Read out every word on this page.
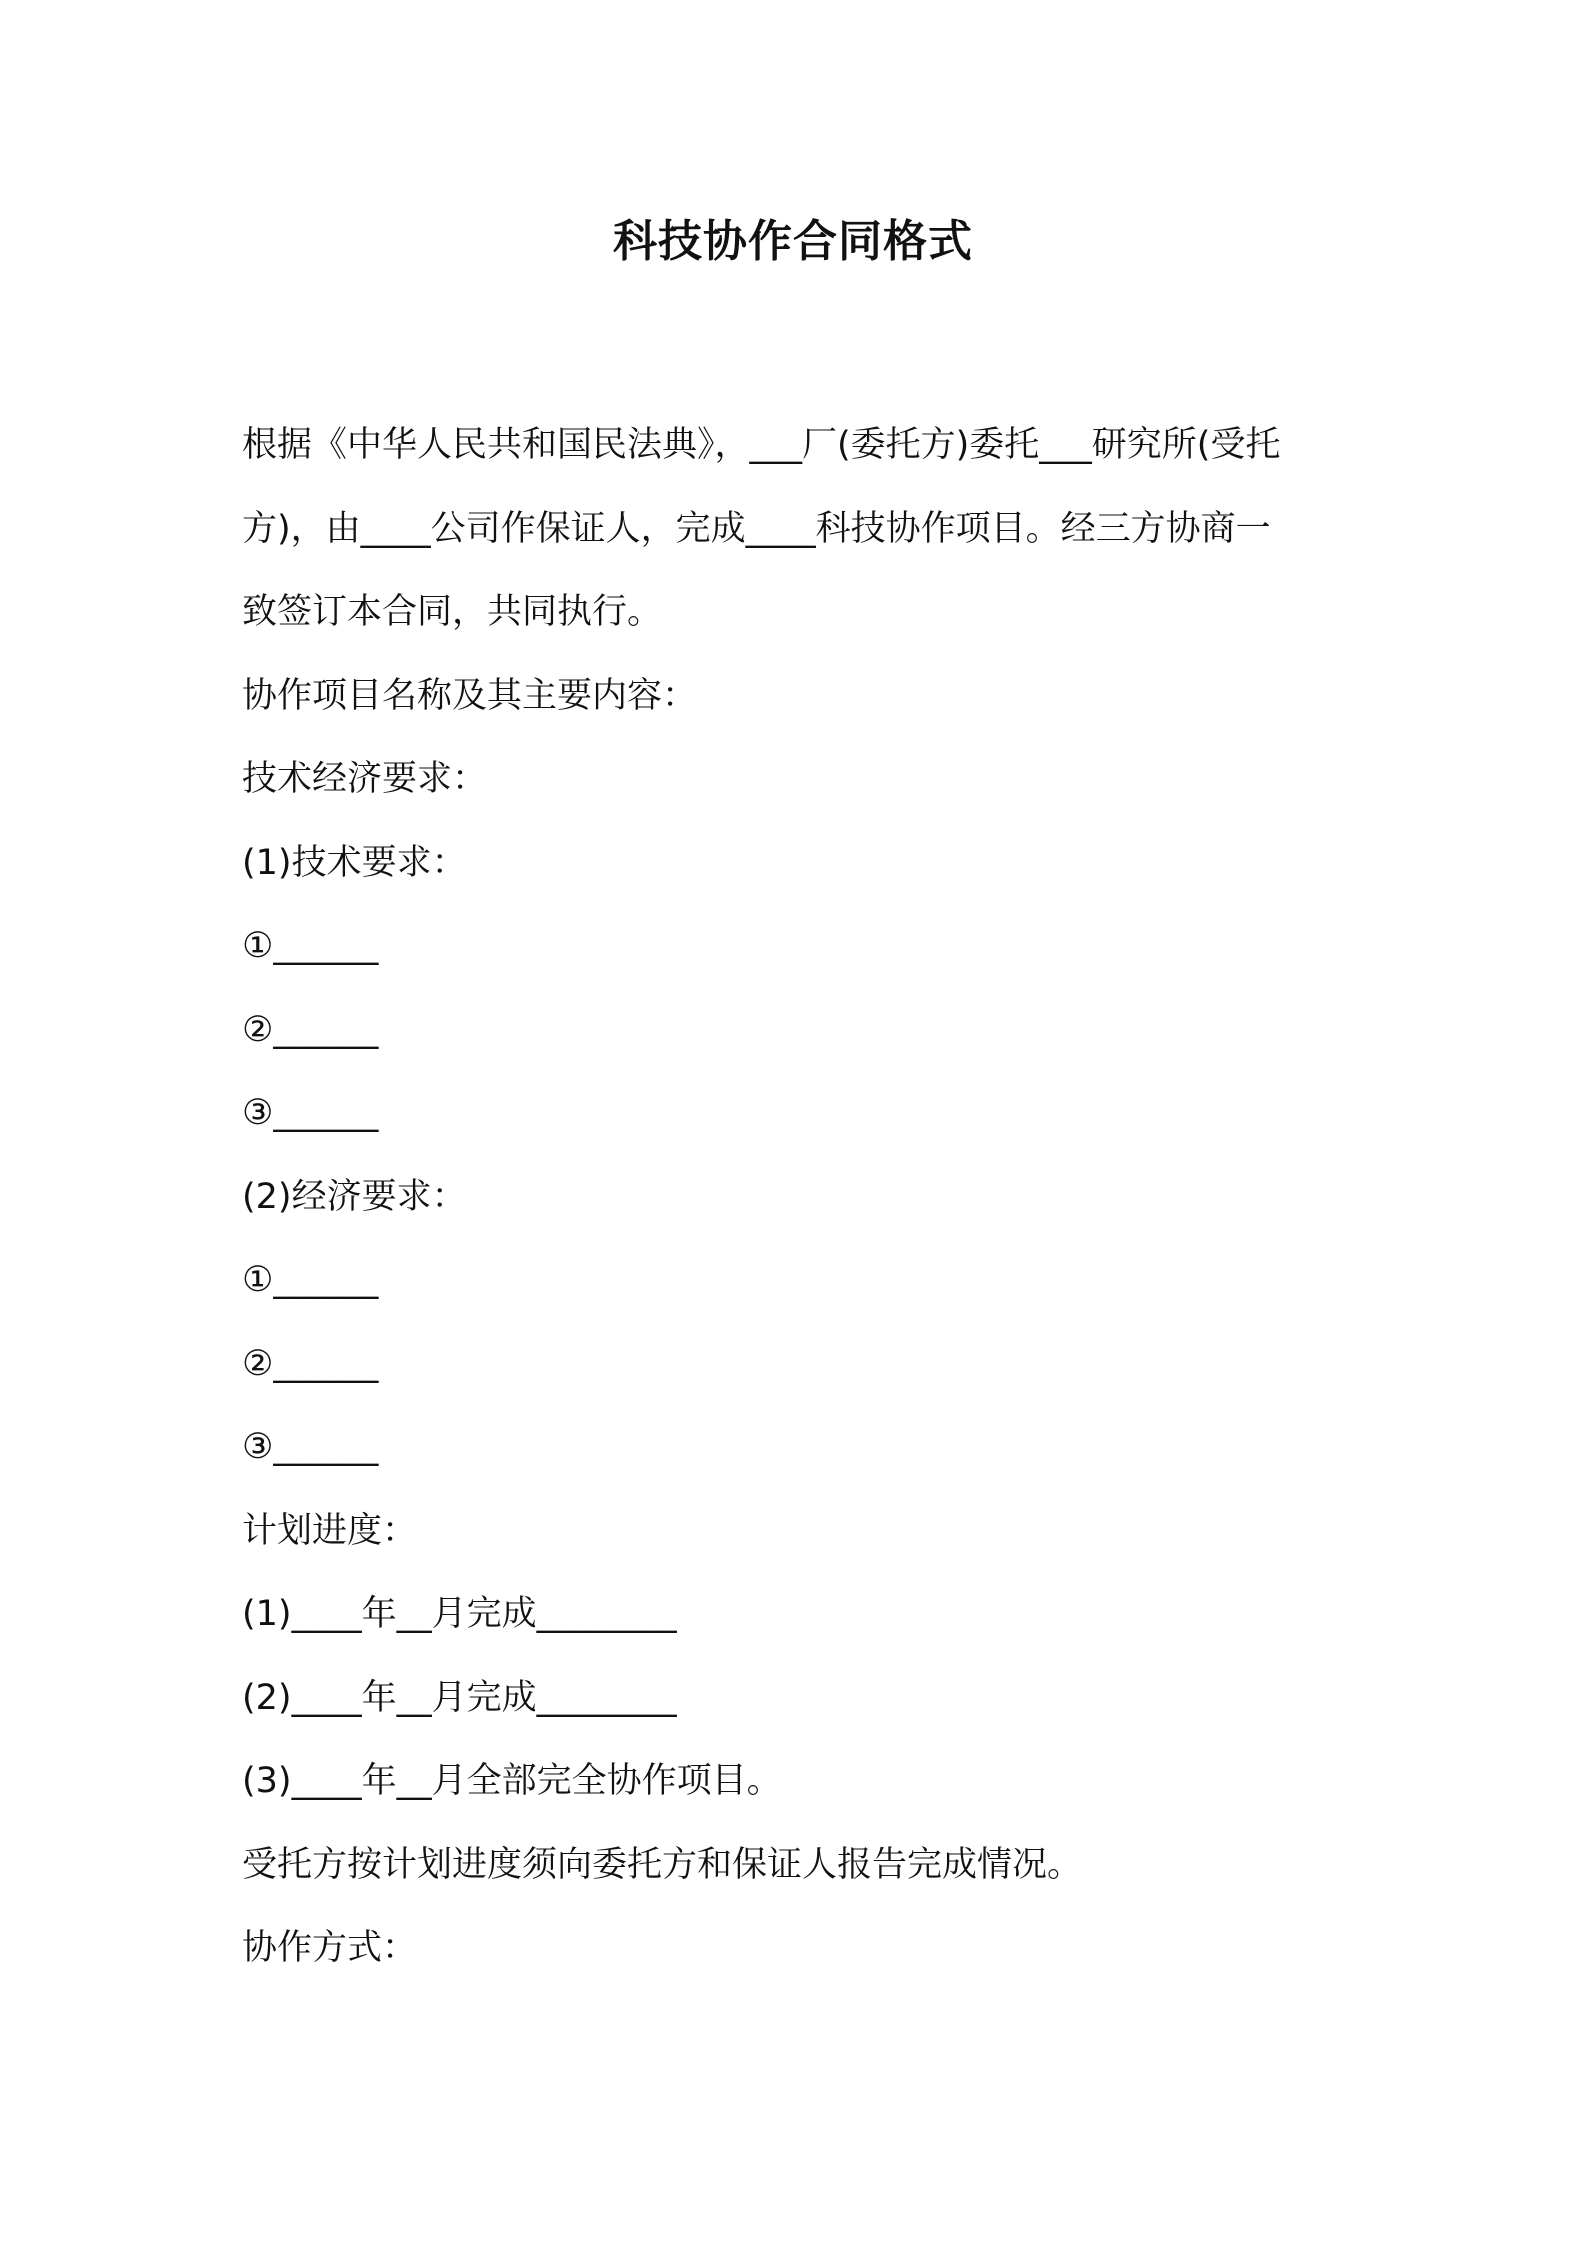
科技协作合同格式
根据《中华人民共和国民法典》，___厂(委托方)委托___研究所(受托
方)，由____公司作保证人，完成____科技协作项目。经三方协商一
致签订本合同，共同执行。
协作项目名称及其主要内容：
技术经济要求：
(1)技术要求：
①______
②______
③______
(2)经济要求：
①______
②______
③______
计划进度：
(1)____年__月完成________
(2)____年__月完成________
(3)____年__月全部完全协作项目。
受托方按计划进度须向委托方和保证人报告完成情况。
协作方式：
